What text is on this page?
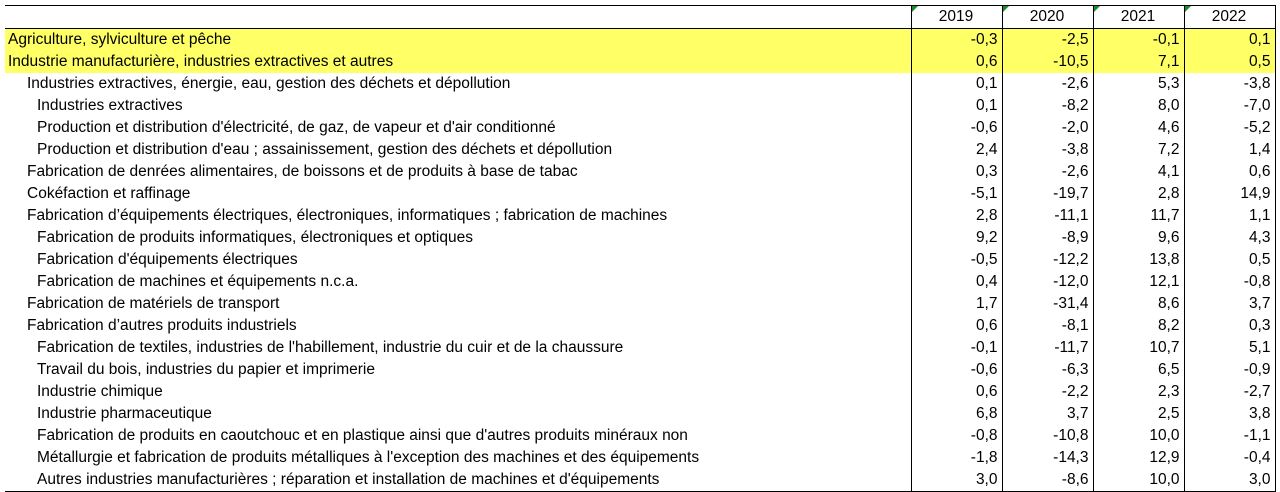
	2019	2020	2021	2022
Agriculture, sylviculture et pêche	-0,3	-2,5	-0,1	0,1
Industrie manufacturière, industries extractives et autres	0,6	-10,5	7,1	0,5
Industries extractives, énergie, eau, gestion des déchets et dépollution	0,1	-2,6	5,3	-3,8
Industries extractives	0,1	-8,2	8,0	-7,0
Production et distribution d'électricité, de gaz, de vapeur et d'air conditionné	-0,6	-2,0	4,6	-5,2
Production et distribution d'eau ; assainissement, gestion des déchets et dépollution	2,4	-3,8	7,2	1,4
Fabrication de denrées alimentaires, de boissons et de produits à base de tabac	0,3	-2,6	4,1	0,6
Cokéfaction et raffinage	-5,1	-19,7	2,8	14,9
Fabrication d’équipements électriques, électroniques, informatiques ; fabrication de machines	2,8	-11,1	11,7	1,1
Fabrication de produits informatiques, électroniques et optiques	9,2	-8,9	9,6	4,3
Fabrication d'équipements électriques	-0,5	-12,2	13,8	0,5
Fabrication de machines et équipements n.c.a.	0,4	-12,0	12,1	-0,8
Fabrication de matériels de transport	1,7	-31,4	8,6	3,7
Fabrication d’autres produits industriels	0,6	-8,1	8,2	0,3
Fabrication de textiles, industries de l'habillement, industrie du cuir et de la chaussure	-0,1	-11,7	10,7	5,1
Travail du bois, industries du papier et imprimerie	-0,6	-6,3	6,5	-0,9
Industrie chimique	0,6	-2,2	2,3	-2,7
Industrie pharmaceutique	6,8	3,7	2,5	3,8
Fabrication de produits en caoutchouc et en plastique ainsi que d'autres produits minéraux non	-0,8	-10,8	10,0	-1,1
Métallurgie et fabrication de produits métalliques à l'exception des machines et des équipements	-1,8	-14,3	12,9	-0,4
Autres industries manufacturières ; réparation et installation de machines et d'équipements	3,0	-8,6	10,0	3,0
